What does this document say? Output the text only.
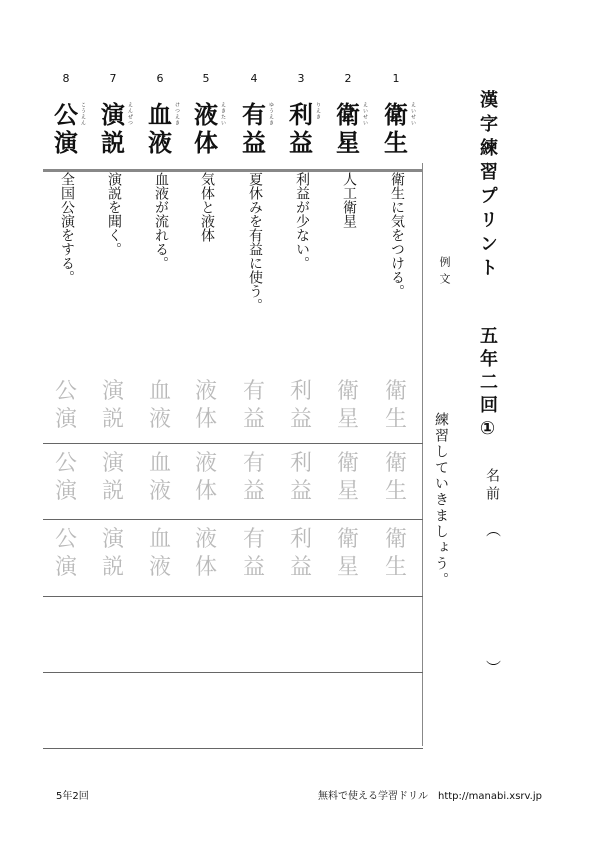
漢字練習プリント
五年二回①
名前
︵
︶
例文
練習していきましょう。
1
衛
生
えいせい
衛生に気をつける。
衛
生
衛
生
衛
生
2
衛
星
えいせい
人工衛星
衛
星
衛
星
衛
星
3
利
益
りえき
利益が少ない。
利
益
利
益
利
益
4
有
益
ゆうえき
夏休みを有益に使う。
有
益
有
益
有
益
5
液
体
えきたい
気体と液体
液
体
液
体
液
体
6
血
液
けつえき
血液が流れる。
血
液
血
液
血
液
7
演
説
えんぜつ
演説を聞く。
演
説
演
説
演
説
8
公
演
こうえん
全国公演をする。
公
演
公
演
公
演
5年2回	無料で使える学習ドリル　http://manabi.xsrv.jp
